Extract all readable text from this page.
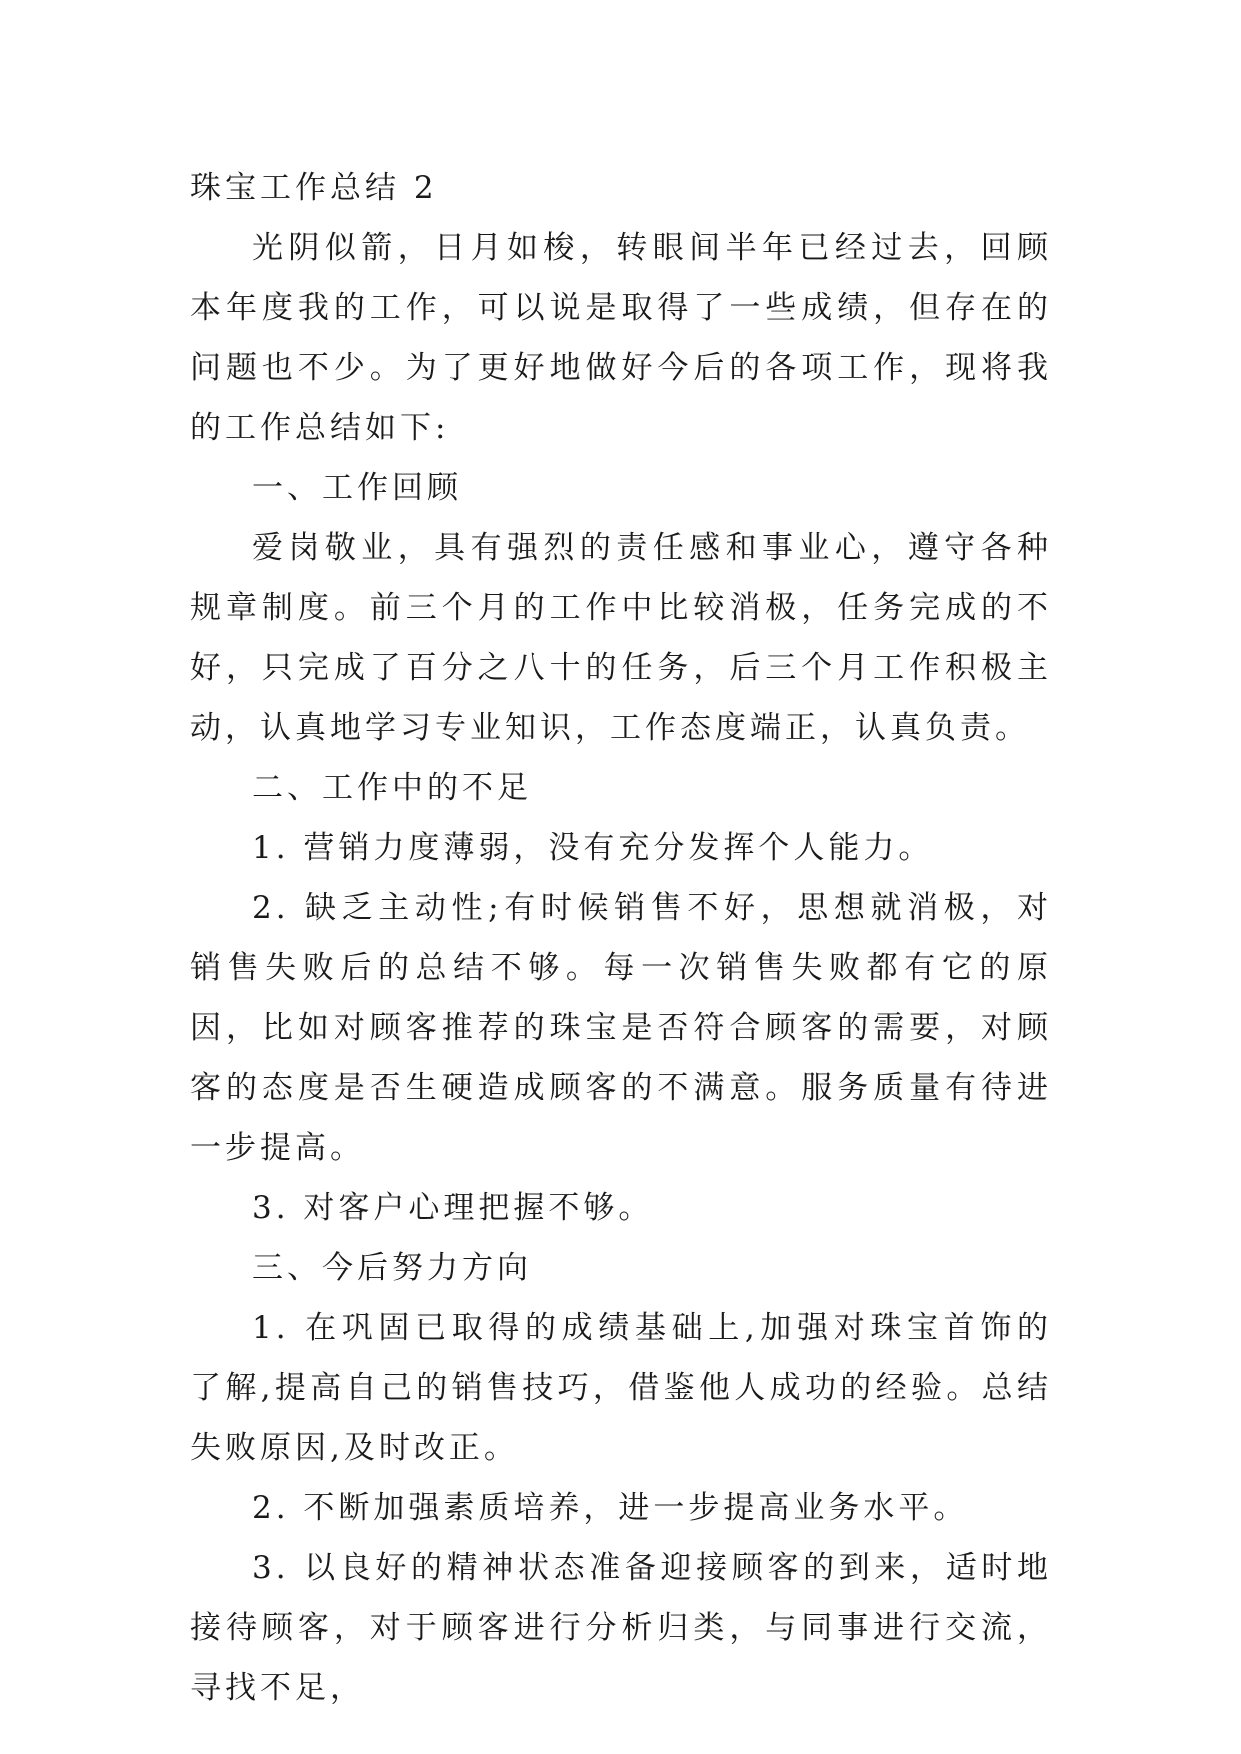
珠宝工作总结 2

光阴似箭，日月如梭，转眼间半年已经过去，回顾本年度我的工作，可以说是取得了一些成绩，但存在的问题也不少。为了更好地做好今后的各项工作，现将我的工作总结如下:

一、工作回顾

爱岗敬业，具有强烈的责任感和事业心，遵守各种规章制度。前三个月的工作中比较消极，任务完成的不好，只完成了百分之八十的任务，后三个月工作积极主动，认真地学习专业知识，工作态度端正，认真负责。

二、工作中的不足

1. 营销力度薄弱，没有充分发挥个人能力。

2. 缺乏主动性;有时候销售不好，思想就消极，对销售失败后的总结不够。每一次销售失败都有它的原因，比如对顾客推荐的珠宝是否符合顾客的需要，对顾客的态度是否生硬造成顾客的不满意。服务质量有待进一步提高。

3. 对客户心理把握不够。

三、今后努力方向

1. 在巩固已取得的成绩基础上,加强对珠宝首饰的了解,提高自己的销售技巧，借鉴他人成功的经验。总结失败原因,及时改正。

2. 不断加强素质培养，进一步提高业务水平。

3. 以良好的精神状态准备迎接顾客的到来，适时地接待顾客，对于顾客进行分析归类，与同事进行交流，寻找不足，
